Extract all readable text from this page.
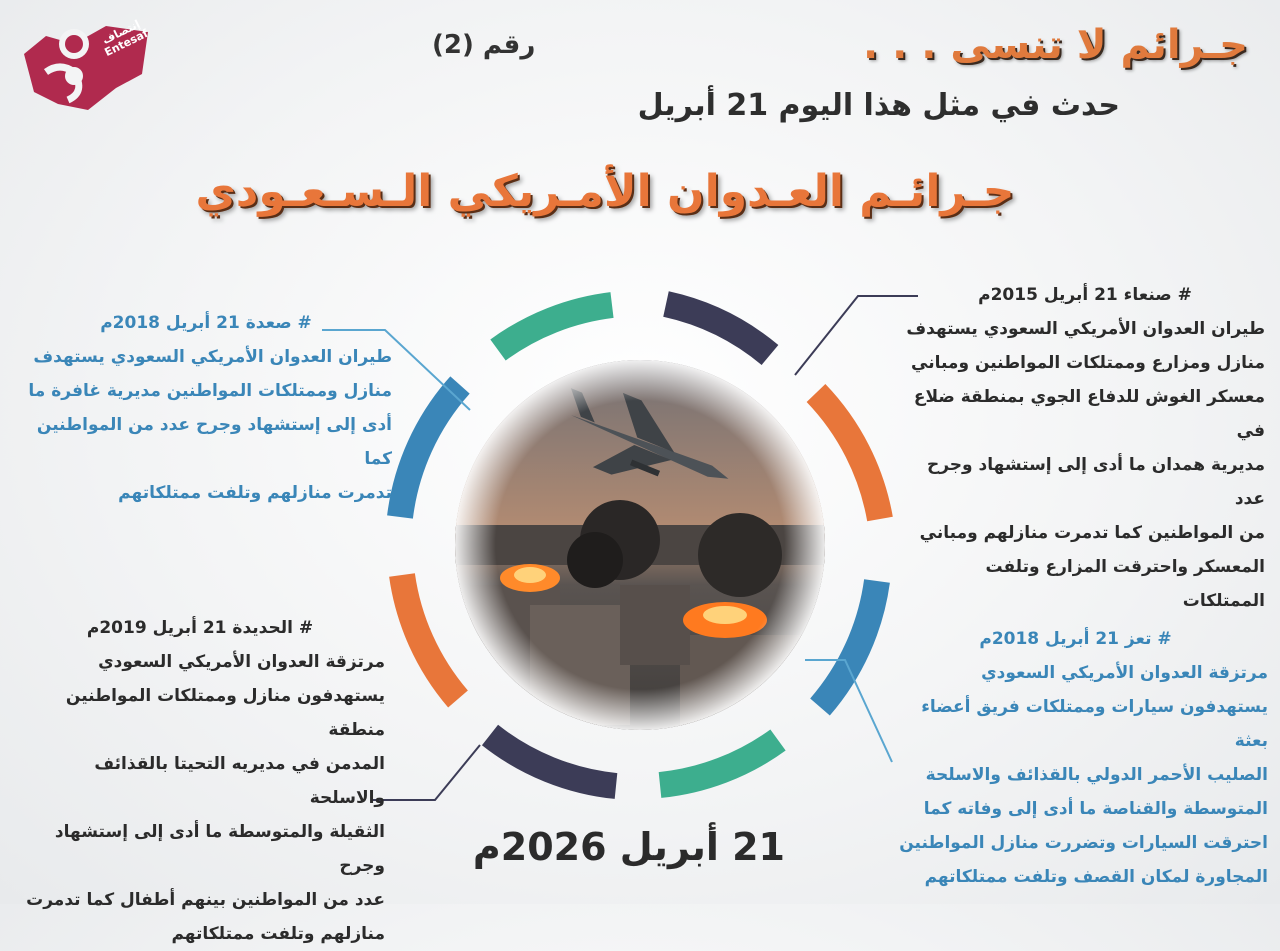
إنتصاف Entesaf	جـرائم لا تنسى . . .
رقم (2)
حدث في مثل هذا اليوم 21 أبريل
جـرائـم العـدوان الأمـريكي الـسـعـودي
# صنعاء 21 أبريل 2015م
طيران العدوان الأمريكي السعودي يستهدف
منازل ومزارع وممتلكات المواطنين ومباني
معسكر الغوش للدفاع الجوي بمنطقة ضلاع في
مديرية همدان ما أدى إلى إستشهاد وجرح عدد
من المواطنين كما تدمرت منازلهم ومباني
المعسكر واحترقت المزارع وتلفت الممتلكات
# صعدة 21 أبريل 2018م
طيران العدوان الأمريكي السعودي يستهدف
منازل وممتلكات المواطنين مديرية غافرة ما
أدى إلى إستشهاد وجرح عدد من المواطنين كما
تدمرت منازلهم وتلفت ممتلكاتهم
# الحديدة 21 أبريل 2019م
مرتزقة العدوان الأمريكي السعودي
يستهدفون منازل وممتلكات المواطنين منطقة
المدمن في مديريه التحيتا بالقذائف والاسلحة
الثقيلة والمتوسطة ما أدى إلى إستشهاد وجرح
عدد من المواطنين بينهم أطفال كما تدمرت
منازلهم وتلفت ممتلكاتهم
# تعز 21 أبريل 2018م
مرتزقة العدوان الأمريكي السعودي
يستهدفون سيارات وممتلكات فريق أعضاء بعثة
الصليب الأحمر الدولي بالقذائف والاسلحة
المتوسطة والقناصة ما أدى إلى وفاته كما
احترقت السيارات وتضررت منازل المواطنين
المجاورة لمكان القصف وتلفت ممتلكاتهم
21 أبريل 2026م
